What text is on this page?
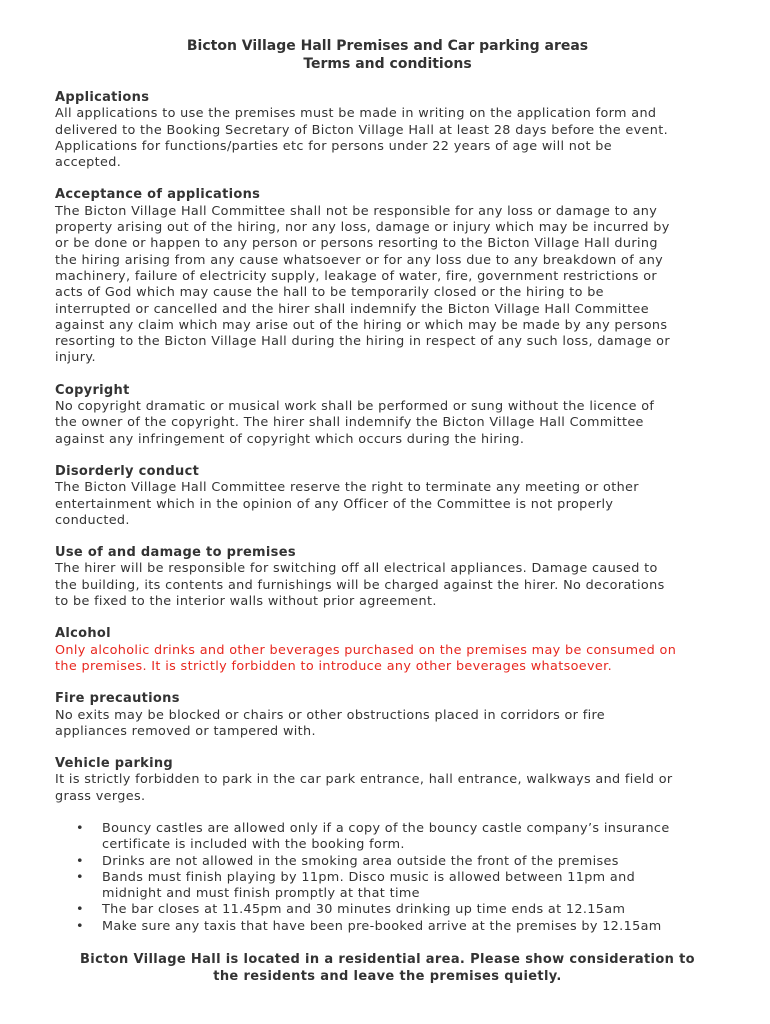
Bicton Village Hall Premises and Car parking areas
Terms and conditions
Applications
All applications to use the premises must be made in writing on the application form and
delivered to the Booking Secretary of Bicton Village Hall at least 28 days before the event.
Applications for functions/parties etc for persons under 22 years of age will not be
accepted.
Acceptance of applications
The Bicton Village Hall Committee shall not be responsible for any loss or damage to any
property arising out of the hiring, nor any loss, damage or injury which may be incurred by
or be done or happen to any person or persons resorting to the Bicton Village Hall during
the hiring arising from any cause whatsoever or for any loss due to any breakdown of any
machinery, failure of electricity supply, leakage of water, fire, government restrictions or
acts of God which may cause the hall to be temporarily closed or the hiring to be
interrupted or cancelled and the hirer shall indemnify the Bicton Village Hall Committee
against any claim which may arise out of the hiring or which may be made by any persons
resorting to the Bicton Village Hall during the hiring in respect of any such loss, damage or
injury.
Copyright
No copyright dramatic or musical work shall be performed or sung without the licence of
the owner of the copyright. The hirer shall indemnify the Bicton Village Hall Committee
against any infringement of copyright which occurs during the hiring.
Disorderly conduct
The Bicton Village Hall Committee reserve the right to terminate any meeting or other
entertainment which in the opinion of any Officer of the Committee is not properly
conducted.
Use of and damage to premises
The hirer will be responsible for switching off all electrical appliances. Damage caused to
the building, its contents and furnishings will be charged against the hirer. No decorations
to be fixed to the interior walls without prior agreement.
Alcohol
Only alcoholic drinks and other beverages purchased on the premises may be consumed on
the premises. It is strictly forbidden to introduce any other beverages whatsoever.
Fire precautions
No exits may be blocked or chairs or other obstructions placed in corridors or fire
appliances removed or tampered with.
Vehicle parking
It is strictly forbidden to park in the car park entrance, hall entrance, walkways and field or
grass verges.
• Bouncy castles are allowed only if a copy of the bouncy castle company’s insurance
certificate is included with the booking form.
• Drinks are not allowed in the smoking area outside the front of the premises
• Bands must finish playing by 11pm. Disco music is allowed between 11pm and
midnight and must finish promptly at that time
• The bar closes at 11.45pm and 30 minutes drinking up time ends at 12.15am
• Make sure any taxis that have been pre-booked arrive at the premises by 12.15am
Bicton Village Hall is located in a residential area. Please show consideration to
the residents and leave the premises quietly.
